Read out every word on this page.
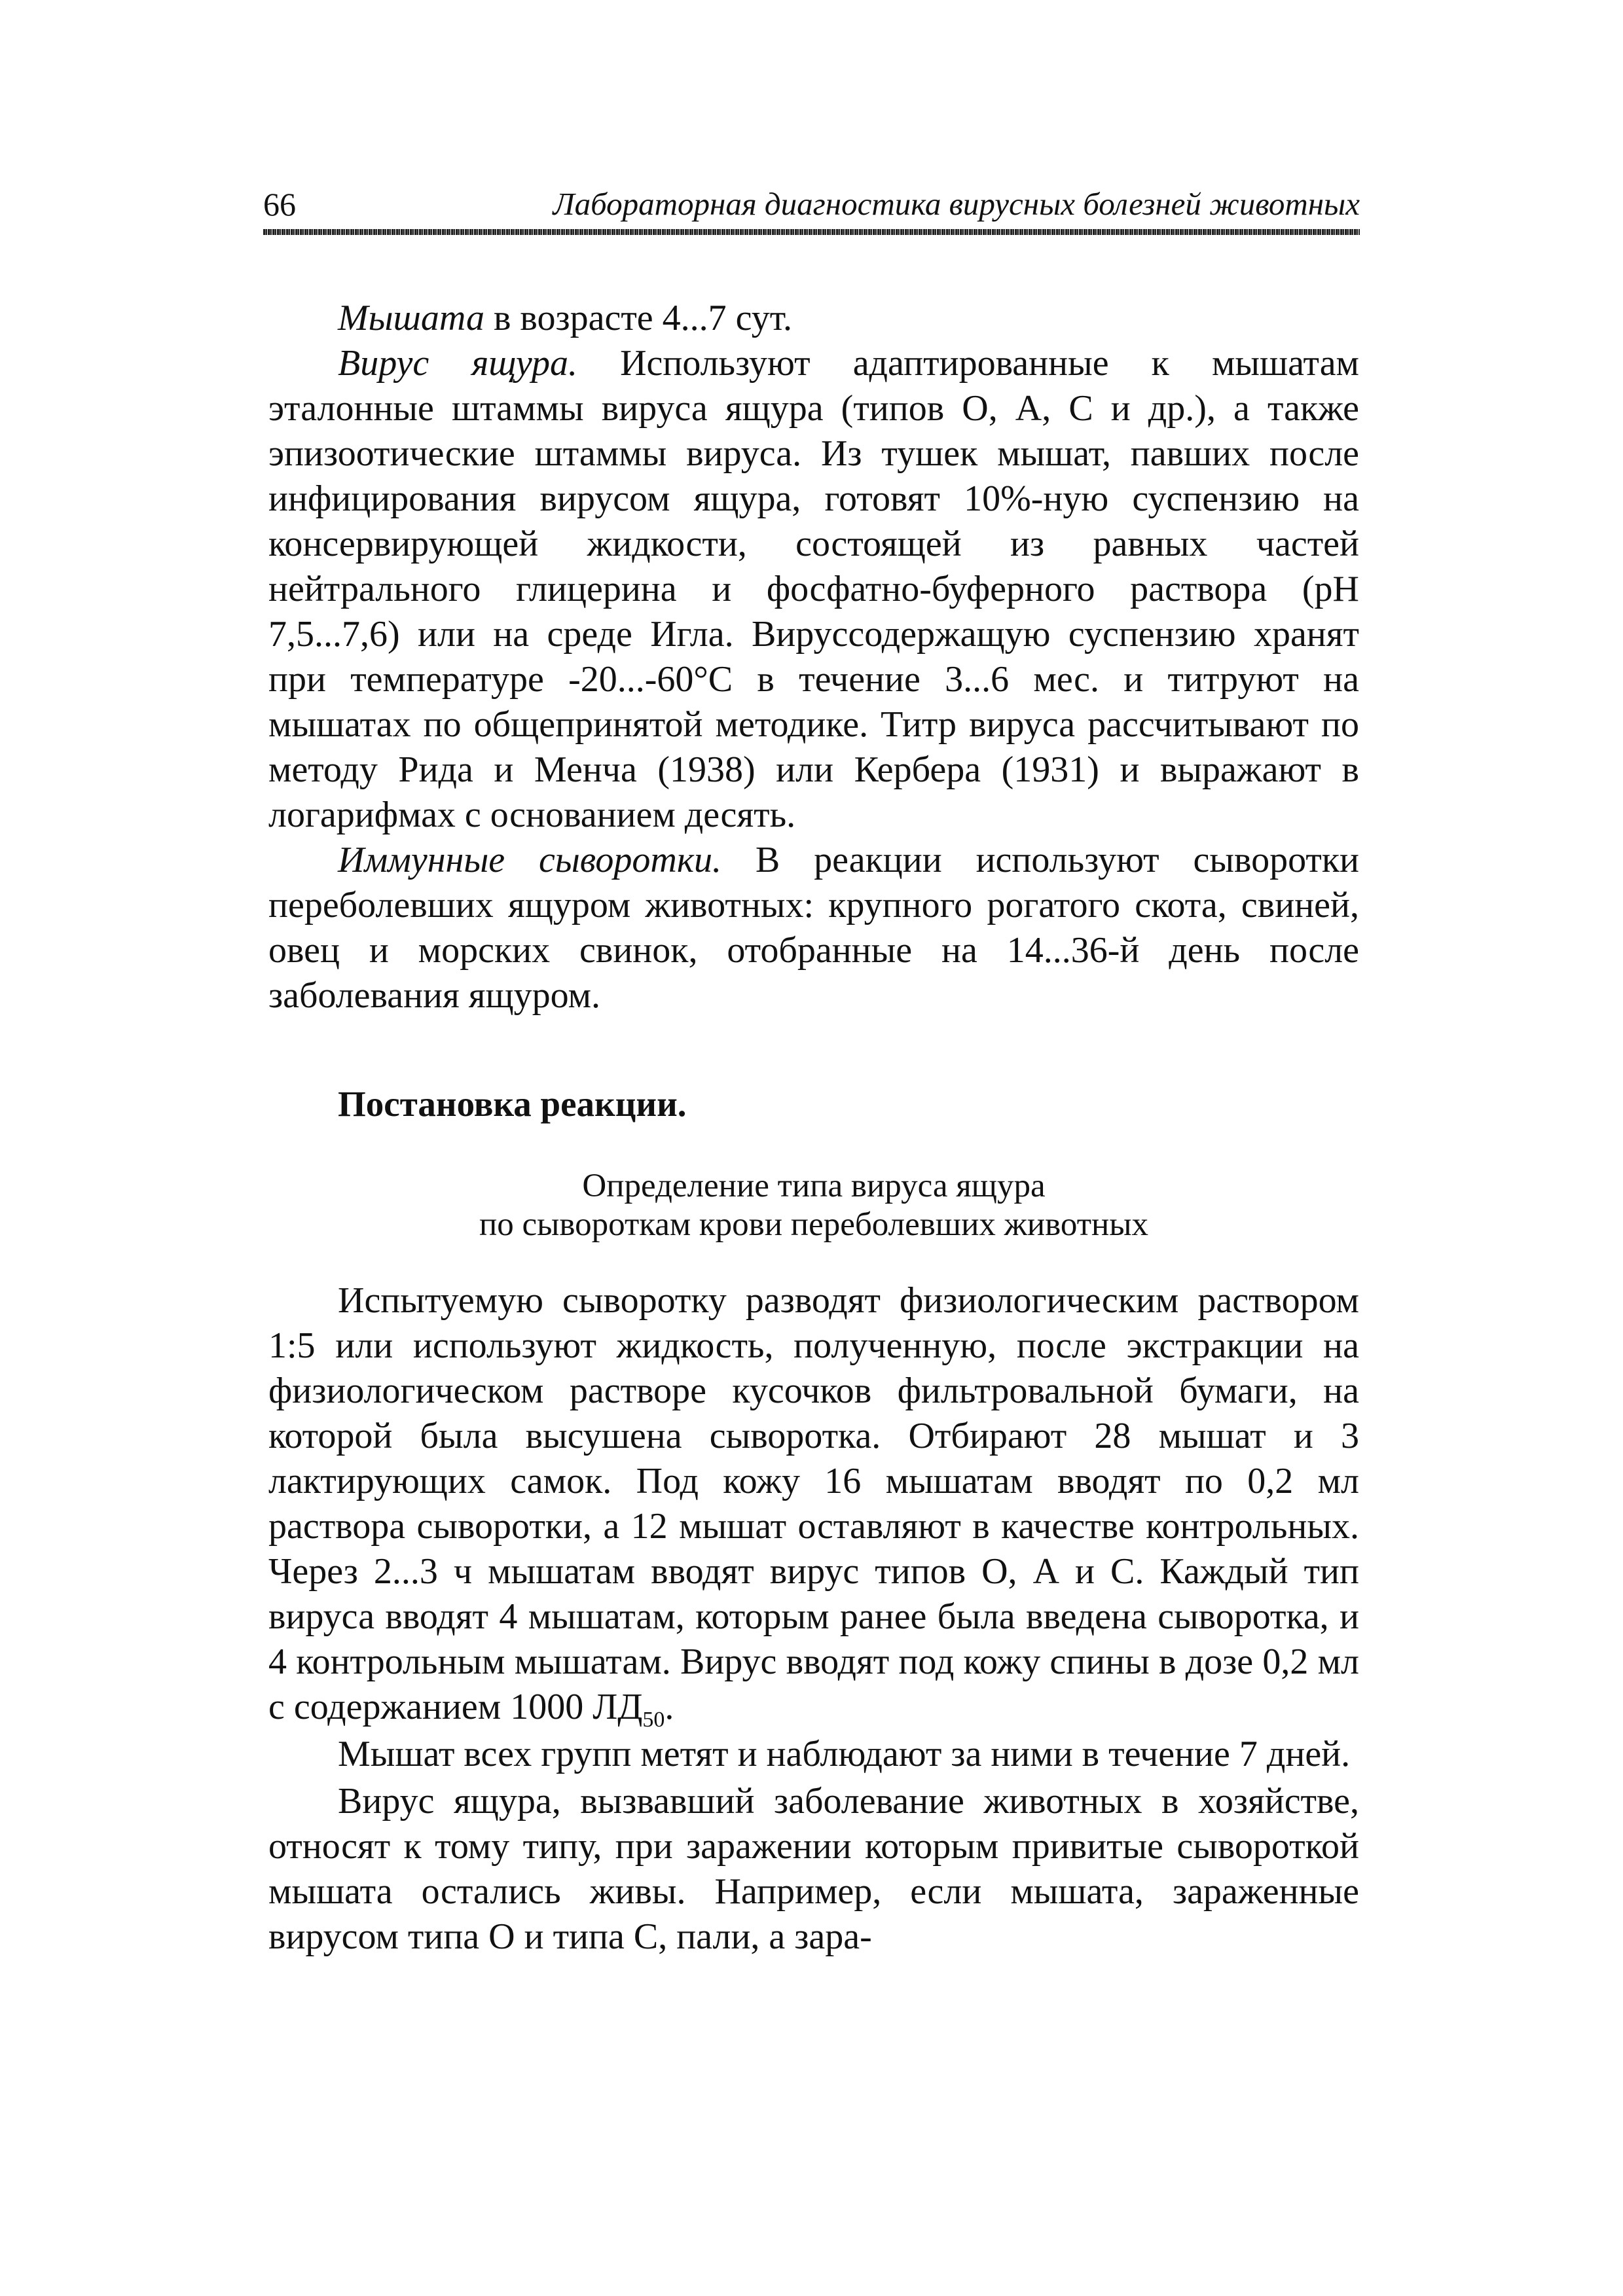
66	Лабораторная диагностика вирусных болезней животных

Мышата в возрасте 4...7 сут.

Вирус ящура. Используют адаптированные к мышатам эталонные штаммы вируса ящура (типов О, А, С и др.), а также эпизоотические штаммы вируса. Из тушек мышат, павших после инфицирования вирусом ящура, готовят 10%-ную суспензию на консервирующей жидкости, состоящей из равных частей нейтрального глицерина и фосфатно-буферного раствора (рН 7,5...7,6) или на среде Игла. Вируссодержащую суспензию хранят при температуре -20...-60°С в течение 3...6 мес. и титруют на мышатах по общепринятой методике. Титр вируса рассчитывают по методу Рида и Менча (1938) или Кербера (1931) и выражают в логарифмах с основанием десять.

Иммунные сыворотки. В реакции используют сыворотки переболевших ящуром животных: крупного рогатого скота, свиней, овец и морских свинок, отобранные на 14...36-й день после заболевания ящуром.

Постановка реакции.
Определение типа вируса ящура
по сывороткам крови переболевших животных

Испытуемую сыворотку разводят физиологическим раствором 1:5 или используют жидкость, полученную, после экстракции на физиологическом растворе кусочков фильтровальной бумаги, на которой была высушена сыворотка. Отбирают 28 мышат и 3 лактирующих самок. Под кожу 16 мышатам вводят по 0,2 мл раствора сыворотки, а 12 мышат оставляют в качестве контрольных. Через 2...3 ч мышатам вводят вирус типов О, А и С. Каждый тип вируса вводят 4 мышатам, которым ранее была введена сыворотка, и 4 контрольным мышатам. Вирус вводят под кожу спины в дозе 0,2 мл с содержанием 1000 $ЛД_{50}$.

Мышат всех групп метят и наблюдают за ними в течение 7 дней.

Вирус ящура, вызвавший заболевание животных в хозяйстве, относят к тому типу, при заражении которым привитые сывороткой мышата остались живы. Например, если мышата, зараженные вирусом типа О и типа С, пали, а зара-
